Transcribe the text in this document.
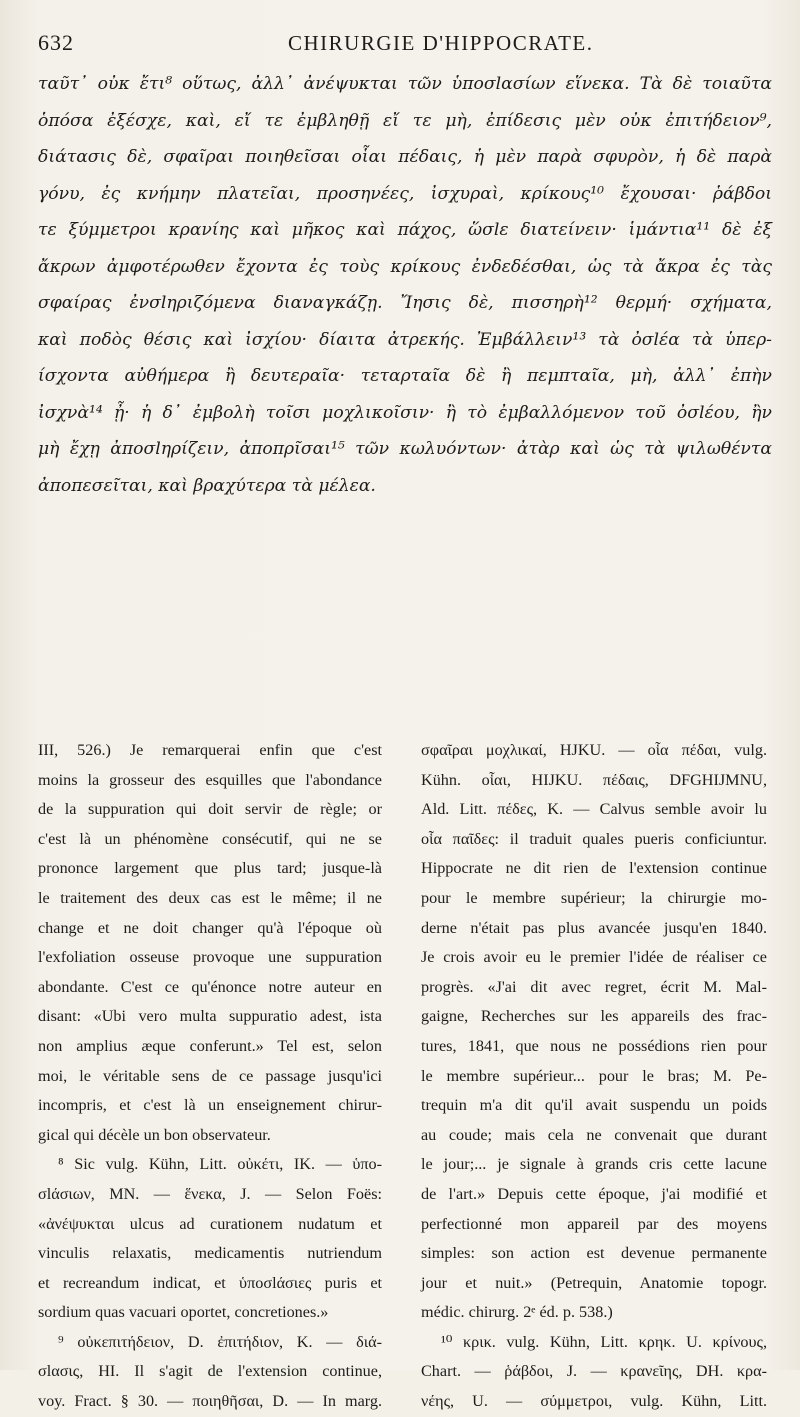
632	CHIRURGIE D'HIPPOCRATE.
ταῦτ᾽ οὐκ ἔτι⁸ οὕτως, ἀλλ᾽ ἀνέψυκται τῶν ὑποσlασίων εἵνεκα. Τὰ δὲ τοιαῦτα
ὁπόσα ἐξέσχε, καὶ, εἴ τε ἐμβληθῇ εἴ τε μὴ, ἐπίδεσις μὲν οὐκ ἐπιτήδειον⁹,
διάτασις δὲ, σφαῖραι ποιηθεῖσαι οἷαι πέδαις, ἡ μὲν παρὰ σφυρὸν, ἡ δὲ παρὰ
γόνυ, ἐς κνήμην πλατεῖαι, προσηνέες, ἰσχυραὶ, κρίκους¹⁰ ἔχουσαι· ῥάβδοι
τε ξύμμετροι κρανίης καὶ μῆκος καὶ πάχος, ὥσlε διατείνειν· ἱμάντια¹¹ δὲ ἐξ
ἄκρων ἀμφοτέρωθεν ἔχοντα ἐς τοὺς κρίκους ἐνδεδέσθαι, ὡς τὰ ἄκρα ἐς τὰς
σφαίρας ἐνσlηριζόμενα διαναγκάζῃ. Ἴησις δὲ, πισσηρὴ¹² θερμή· σχήματα,
καὶ ποδὸς θέσις καὶ ἰσχίου· δίαιτα ἀτρεκής. Ἐμβάλλειν¹³ τὰ ὀσlέα τὰ ὑπερ-
ίσχοντα αὐθήμερα ἢ δευτεραῖα· τεταρταῖα δὲ ἢ πεμπταῖα, μὴ, ἀλλ᾽ ἐπὴν
ἰσχνὰ¹⁴ ᾖ· ἡ δ᾽ ἐμβολὴ τοῖσι μοχλικοῖσιν· ἢ τὸ ἐμβαλλόμενον τοῦ ὀσlέου, ἢν
μὴ ἔχῃ ἀποσlηρίζειν, ἀποπρῖσαι¹⁵ τῶν κωλυόντων· ἀτὰρ καὶ ὡς τὰ ψιλωθέντα
ἀποπεσεῖται, καὶ βραχύτερα τὰ μέλεα.
III, 526.) Je remarquerai enfin que c'est
moins la grosseur des esquilles que l'abondance
de la suppuration qui doit servir de règle; or
c'est là un phénomène consécutif, qui ne se
prononce largement que plus tard; jusque-là
le traitement des deux cas est le même; il ne
change et ne doit changer qu'à l'époque où
l'exfoliation osseuse provoque une suppuration
abondante. C'est ce qu'énonce notre auteur en
disant: «Ubi vero multa suppuratio adest, ista
non amplius æque conferunt.» Tel est, selon
moi, le véritable sens de ce passage jusqu'ici
incompris, et c'est là un enseignement chirur-
gical qui décèle un bon observateur.
⁸ Sic vulg. Kühn, Litt. οὐκέτι, IK. — ὑπο-
σlάσιων, MN. — ἕνεκα, J. — Selon Foës:
«ἀνέψυκται ulcus ad curationem nudatum et
vinculis relaxatis, medicamentis nutriendum
et recreandum indicat, et ὑποσlάσιες puris et
sordium quas vacuari oportet, concretiones.»
⁹ οὐκεπιτήδειον, D. ἐπιτήδιον, K. — διά-
σlασις, HI. Il s'agit de l'extension continue,
voy. Fract. § 30. — ποιηθῆσαι, D. — In marg.
σφαῖραι μοχλικαί, HJKU. — οἷα πέδαι, vulg.
Kühn. οἷαι, HIJKU. πέδαις, DFGHIJMNU,
Ald. Litt. πέδες, K. — Calvus semble avoir lu
οἷα παῖδες: il traduit quales pueris conficiuntur.
Hippocrate ne dit rien de l'extension continue
pour le membre supérieur; la chirurgie mo-
derne n'était pas plus avancée jusqu'en 1840.
Je crois avoir eu le premier l'idée de réaliser ce
progrès. «J'ai dit avec regret, écrit M. Mal-
gaigne, Recherches sur les appareils des frac-
tures, 1841, que nous ne possédions rien pour
le membre supérieur... pour le bras; M. Pe-
trequin m'a dit qu'il avait suspendu un poids
au coude; mais cela ne convenait que durant
le jour;... je signale à grands cris cette lacune
de l'art.» Depuis cette époque, j'ai modifié et
perfectionné mon appareil par des moyens
simples: son action est devenue permanente
jour et nuit.» (Petrequin, Anatomie topogr.
médic. chirurg. 2ᵉ éd. p. 538.)
¹⁰ κρικ. vulg. Kühn, Litt. κρηκ. U. κρίνους,
Chart. — ῥάβδοι, J. — κρανεῖης, DH. κρα-
νέης, U. — σύμμετροι, vulg. Kühn, Litt.
